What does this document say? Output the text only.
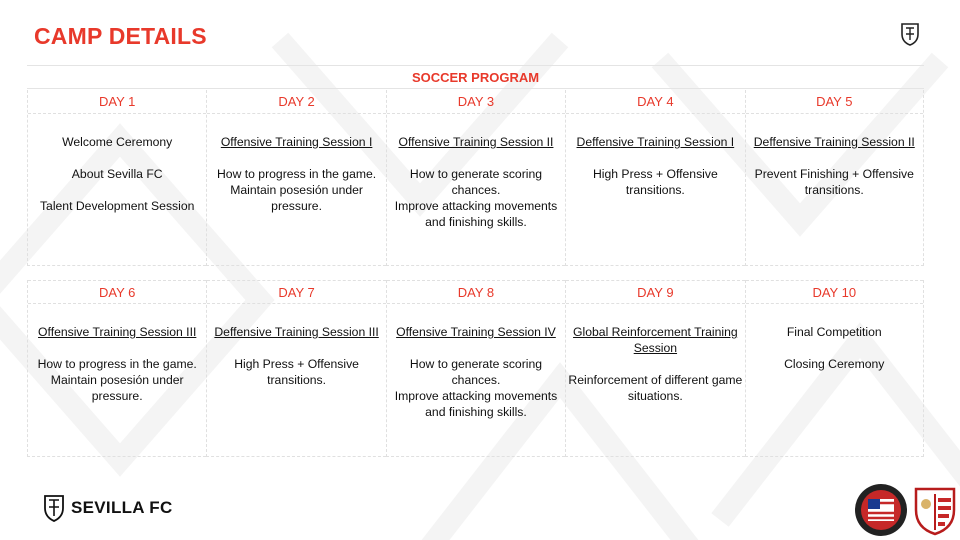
CAMP DETAILS
SOCCER PROGRAM
DAY 1
Welcome Ceremony
About Sevilla FC
Talent Development Session
DAY 2
Offensive Training Session I
How to progress in the game. Maintain posesión under pressure.
DAY 3
Offensive Training Session II
How to generate scoring chances.
Improve attacking movements and finishing skills.
DAY 4
Deffensive Training Session I
High Press + Offensive transitions.
DAY 5
Deffensive Training Session II
Prevent Finishing + Offensive transitions.
DAY 6
Offensive Training Session III
How to progress in the game. Maintain posesión under pressure.
DAY 7
Deffensive Training Session III
High Press + Offensive transitions.
DAY 8
Offensive Training Session IV
How to generate scoring chances.
Improve attacking movements and finishing skills.
DAY 9
Global Reinforcement Training Session
Reinforcement of different game situations.
DAY 10
Final Competition
Closing Ceremony
SEVILLA FC
